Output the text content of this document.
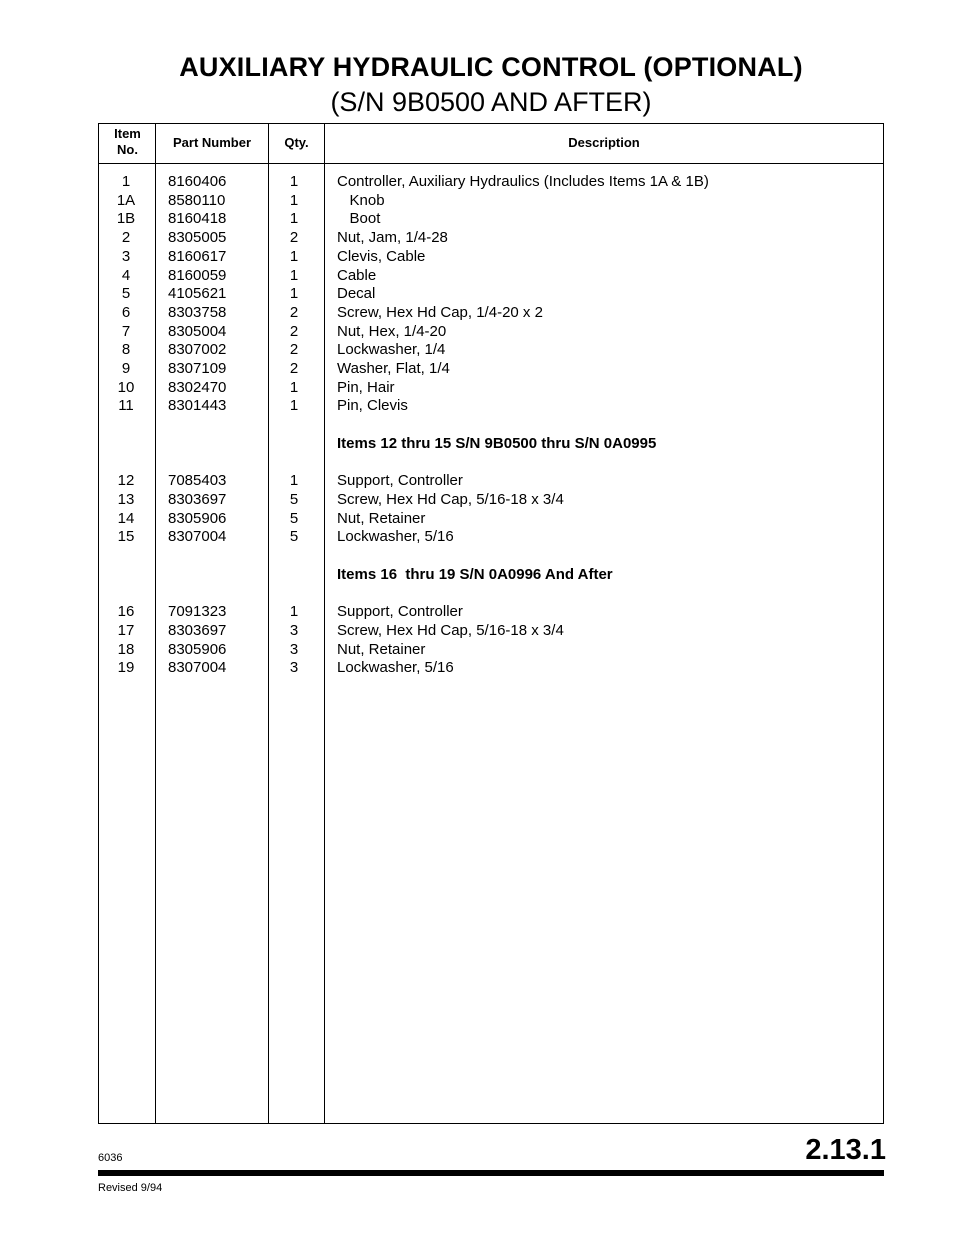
AUXILIARY HYDRAULIC CONTROL (OPTIONAL)
(S/N 9B0500 AND AFTER)
Item
No.	Part Number	Qty.	Description
1	8160406	1	Controller, Auxiliary Hydraulics (Includes Items 1A & 1B)
1A	8580110	1	Knob
1B	8160418	1	Boot
2	8305005	2	Nut, Jam, 1/4-28
3	8160617	1	Clevis, Cable
4	8160059	1	Cable
5	4105621	1	Decal
6	8303758	2	Screw, Hex Hd Cap, 1/4-20 x 2
7	8305004	2	Nut, Hex, 1/4-20
8	8307002	2	Lockwasher, 1/4
9	8307109	2	Washer, Flat, 1/4
10	8302470	1	Pin, Hair
11	8301443	1	Pin, Clevis
Items 12 thru 15 S/N 9B0500 thru S/N 0A0995
12	7085403	1	Support, Controller
13	8303697	5	Screw, Hex Hd Cap, 5/16-18 x 3/4
14	8305906	5	Nut, Retainer
15	8307004	5	Lockwasher, 5/16
Items 16  thru 19 S/N 0A0996 And After
16	7091323	1	Support, Controller
17	8303697	3	Screw, Hex Hd Cap, 5/16-18 x 3/4
18	8305906	3	Nut, Retainer
19	8307004	3	Lockwasher, 5/16
6036	2.13.1
Revised 9/94
